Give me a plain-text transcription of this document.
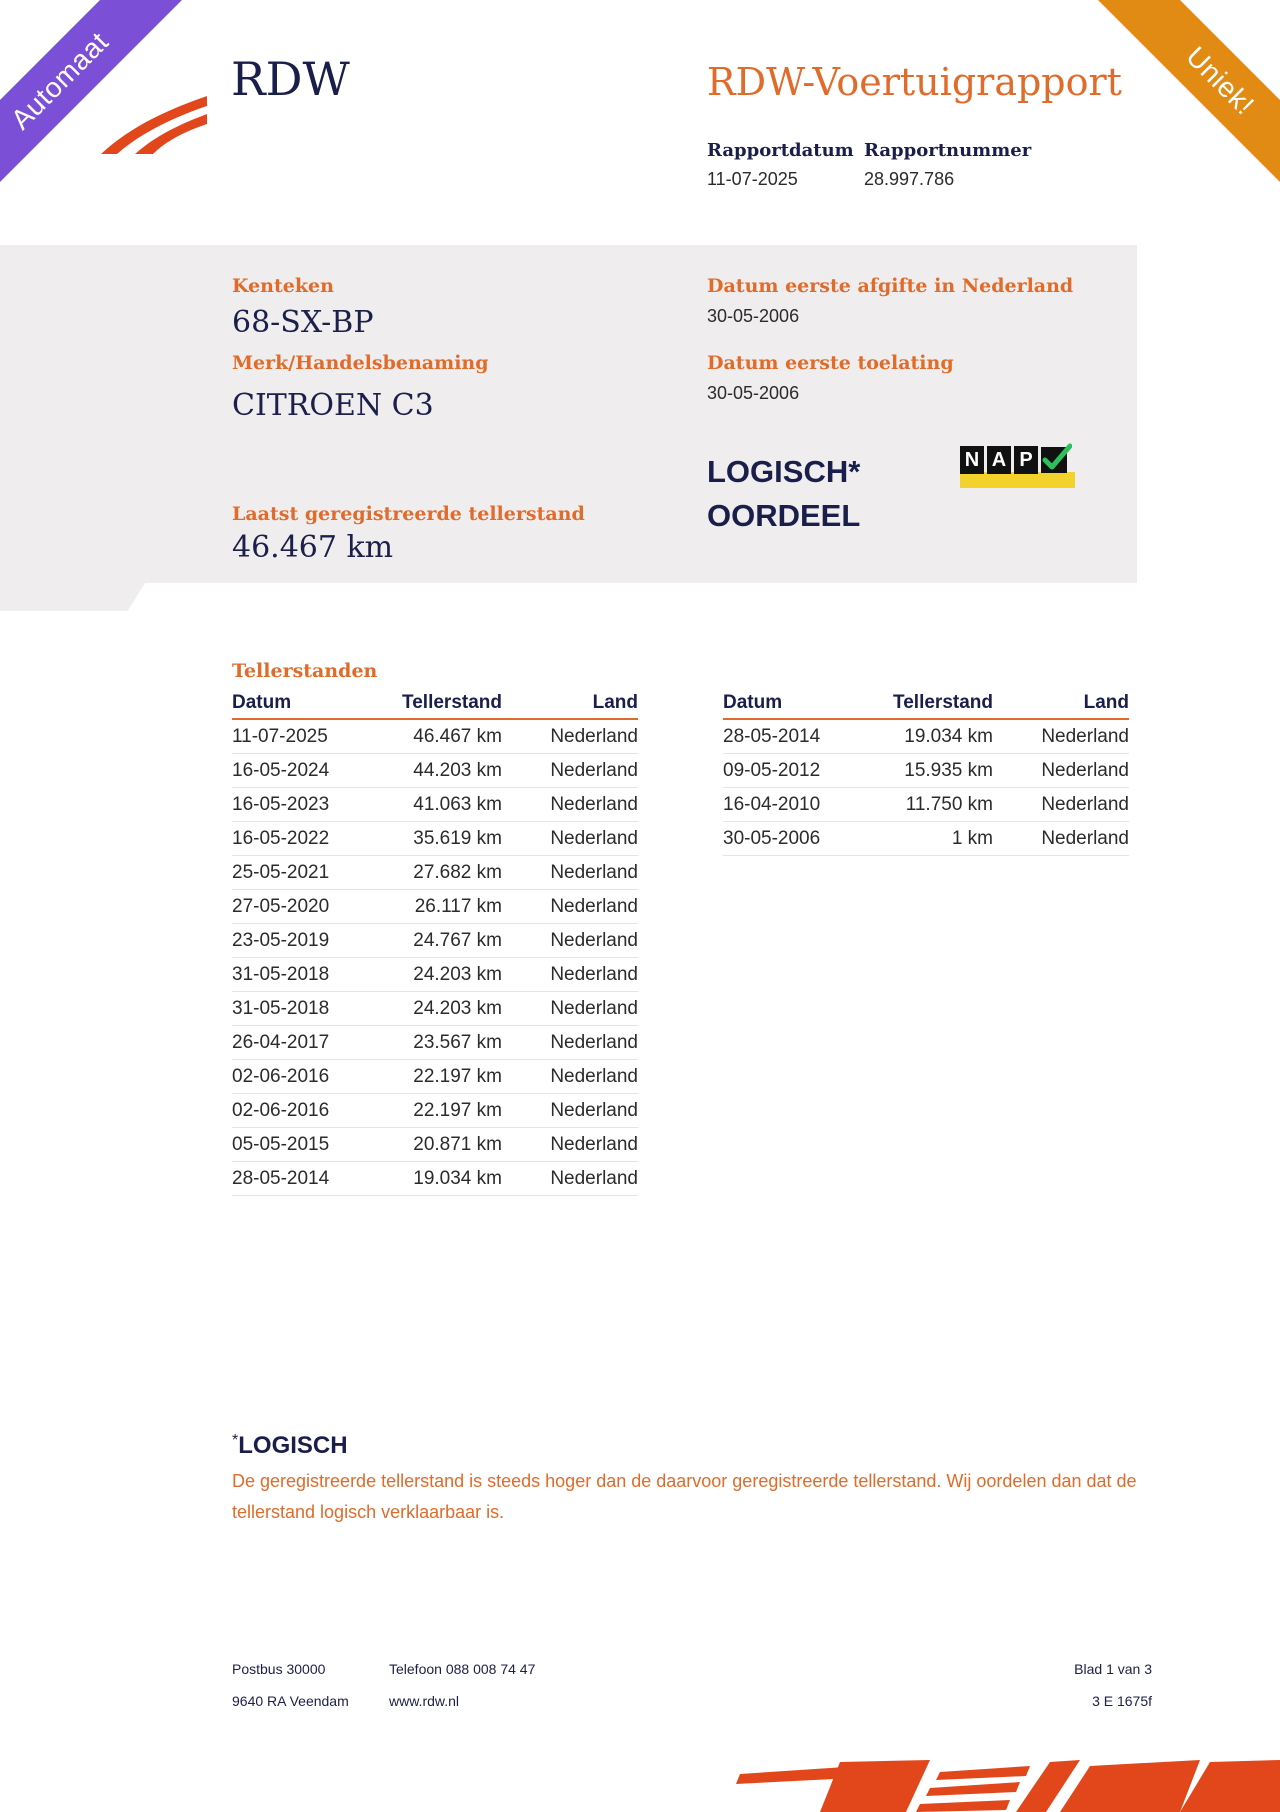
Automaat	Uniek!
RDW	RDW-Voertuigrapport
Rapportdatum
11-07-2025
Rapportnummer
28.997.786
Kenteken
68-SX-BP
Merk/Handelsbenaming
CITROEN C3
Datum eerste afgifte in Nederland
30-05-2006
Datum eerste toelating
30-05-2006
LOGISCH*
OORDEEL
N A P
Laatst geregistreerde tellerstand
46.467 km
Tellerstanden
Datum	Tellerstand	Land
11-07-2025	46.467 km	Nederland
16-05-2024	44.203 km	Nederland
16-05-2023	41.063 km	Nederland
16-05-2022	35.619 km	Nederland
25-05-2021	27.682 km	Nederland
27-05-2020	26.117 km	Nederland
23-05-2019	24.767 km	Nederland
31-05-2018	24.203 km	Nederland
31-05-2018	24.203 km	Nederland
26-04-2017	23.567 km	Nederland
02-06-2016	22.197 km	Nederland
02-06-2016	22.197 km	Nederland
05-05-2015	20.871 km	Nederland
28-05-2014	19.034 km	Nederland
Datum	Tellerstand	Land
28-05-2014	19.034 km	Nederland
09-05-2012	15.935 km	Nederland
16-04-2010	11.750 km	Nederland
30-05-2006	1 km	Nederland
*LOGISCH
De geregistreerde tellerstand is steeds hoger dan de daarvoor geregistreerde tellerstand. Wij oordelen dan dat de tellerstand logisch verklaarbaar is.
Postbus 30000
9640 RA Veendam
Telefoon 088 008 74 47
www.rdw.nl
Blad 1 van 3
3 E 1675f
